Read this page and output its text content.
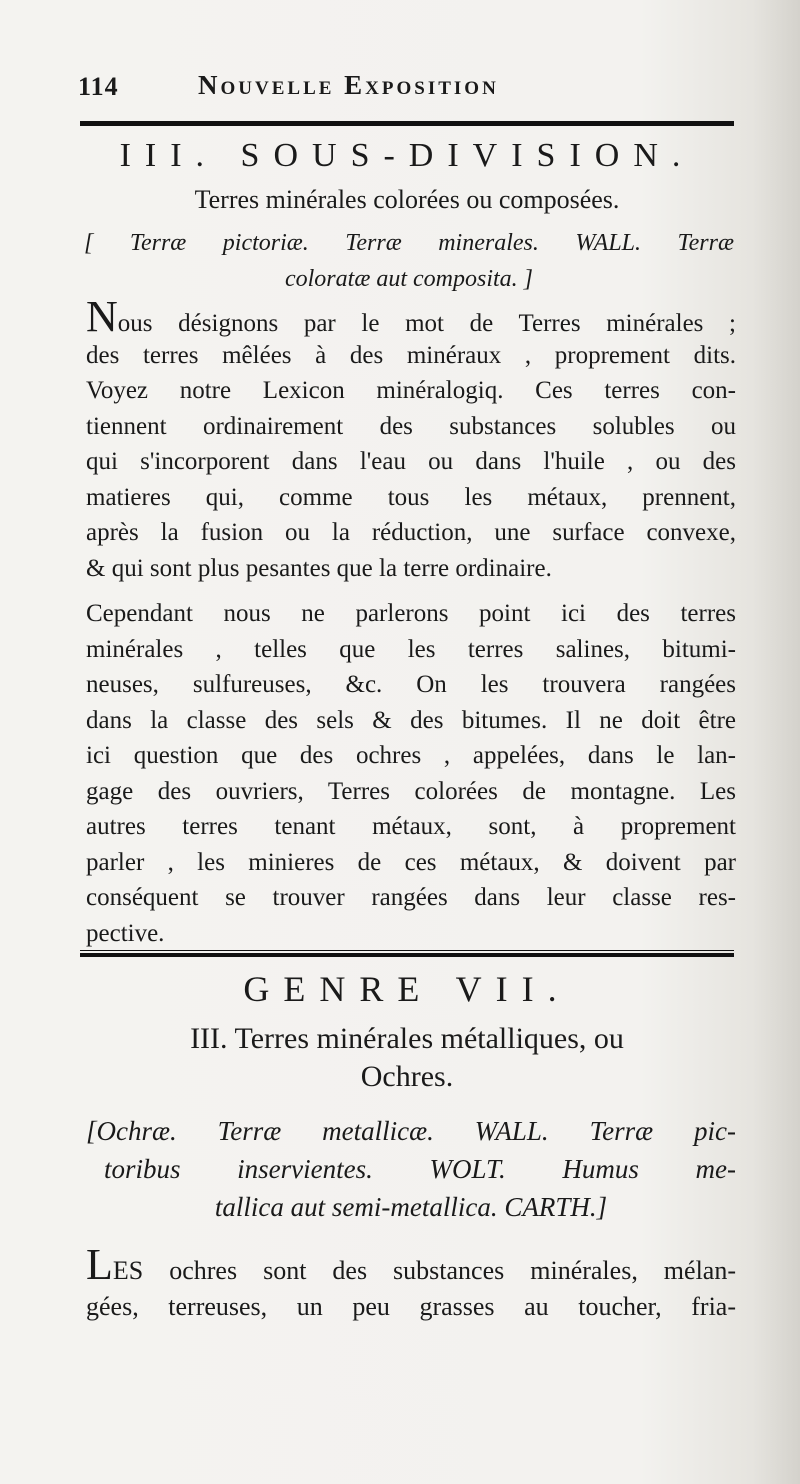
114	Nouvelle Exposition
III. SOUS-DIVISION.
Terres minérales colorées ou composées.
[ Terræ pictoriæ. Terræ minerales. WALL. Terræ
coloratæ aut composita. ]
Nous désignons par le mot de Terres minérales ;
des terres mêlées à des minéraux , proprement dits.
Voyez notre Lexicon minéralogiq. Ces terres con-
tiennent ordinairement des substances solubles ou
qui s'incorporent dans l'eau ou dans l'huile , ou des
matieres qui, comme tous les métaux, prennent,
après la fusion ou la réduction, une surface convexe,
& qui sont plus pesantes que la terre ordinaire.
Cependant nous ne parlerons point ici des terres
minérales , telles que les terres salines, bitumi-
neuses, sulfureuses, &c. On les trouvera rangées
dans la classe des sels & des bitumes. Il ne doit être
ici question que des ochres , appelées, dans le lan-
gage des ouvriers, Terres colorées de montagne. Les
autres terres tenant métaux, sont, à proprement
parler , les minieres de ces métaux, & doivent par
conséquent se trouver rangées dans leur classe res-
pective.
GENRE VII.
III. Terres minérales métalliques, ou
Ochres.
[Ochræ. Terræ metallicæ. WALL. Terræ pic-
toribus inservientes. WOLT. Humus me-
tallica aut semi-metallica. CARTH.]
LES ochres sont des substances minérales, mélan-
gées, terreuses, un peu grasses au toucher, fria-
